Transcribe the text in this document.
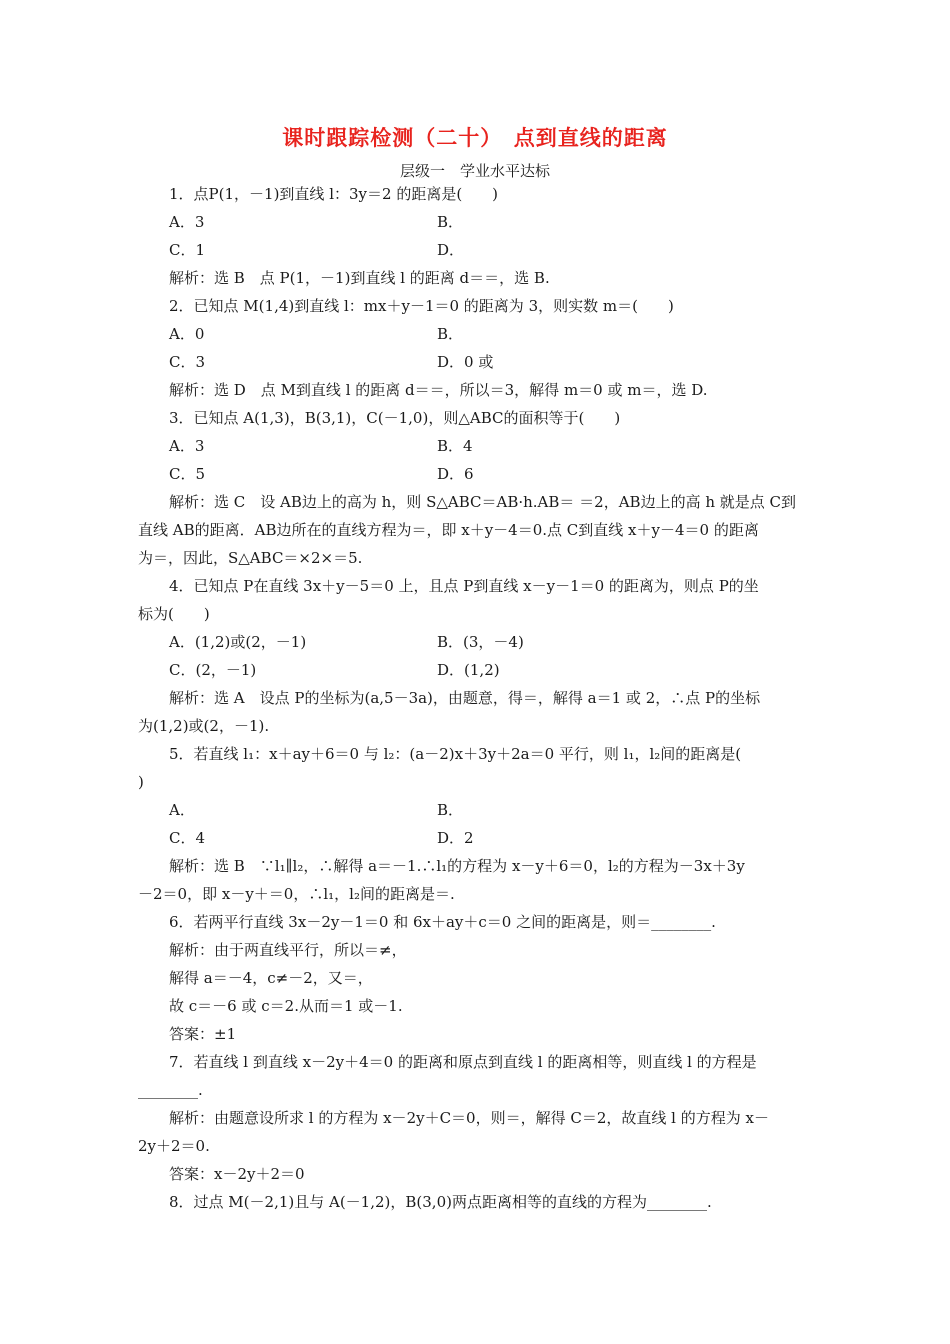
课时跟踪检测（二十）　点到直线的距离
层级一　学业水平达标
1．点P(1，－1)到直线 l：3y＝2 的距离是(　　)
A．3	B．
C．1	D．
解析：选 B　点 P(1，－1)到直线 l 的距离 d＝＝，选 B.
2．已知点 M(1,4)到直线 l：mx＋y－1＝0 的距离为 3，则实数 m＝(　　)
A．0	B．
C．3	D．0 或
解析：选 D　点 M到直线 l 的距离 d＝＝，所以＝3，解得 m＝0 或 m＝，选 D.
3．已知点 A(1,3)，B(3,1)，C(－1,0)，则△ABC的面积等于(　　)
A．3	B．4
C．5	D．6
解析：选 C　设 AB边上的高为 h，则 S△ABC＝AB·h.AB＝ ＝2，AB边上的高 h 就是点 C到
直线 AB的距离．AB边所在的直线方程为＝，即 x＋y－4＝0.点 C到直线 x＋y－4＝0 的距离
为＝，因此，S△ABC＝×2×＝5.
4．已知点 P在直线 3x＋y－5＝0 上，且点 P到直线 x－y－1＝0 的距离为，则点 P的坐
标为(　　)
A．(1,2)或(2，－1)	B．(3，－4)
C．(2，－1)	D．(1,2)
解析：选 A　设点 P的坐标为(a,5－3a)，由题意，得＝，解得 a＝1 或 2，∴点 P的坐标
为(1,2)或(2，－1).
5．若直线 l₁：x＋ay＋6＝0 与 l₂：(a－2)x＋3y＋2a＝0 平行，则 l₁，l₂间的距离是(
)
A．	B．
C．4	D．2
解析：选 B　∵l₁∥l₂，∴解得 a＝－1.∴l₁的方程为 x－y＋6＝0，l₂的方程为－3x＋3y
－2＝0，即 x－y＋＝0，∴l₁，l₂间的距离是＝.
6．若两平行直线 3x－2y－1＝0 和 6x＋ay＋c＝0 之间的距离是，则＝________.
解析：由于两直线平行，所以＝≠，
解得 a＝－4，c≠－2，又＝，
故 c＝－6 或 c＝2.从而＝1 或－1.
答案：±1
7．若直线 l 到直线 x－2y＋4＝0 的距离和原点到直线 l 的距离相等，则直线 l 的方程是
________.
解析：由题意设所求 l 的方程为 x－2y＋C＝0，则＝，解得 C＝2，故直线 l 的方程为 x－
2y＋2＝0.
答案：x－2y＋2＝0
8．过点 M(－2,1)且与 A(－1,2)，B(3,0)两点距离相等的直线的方程为________.
